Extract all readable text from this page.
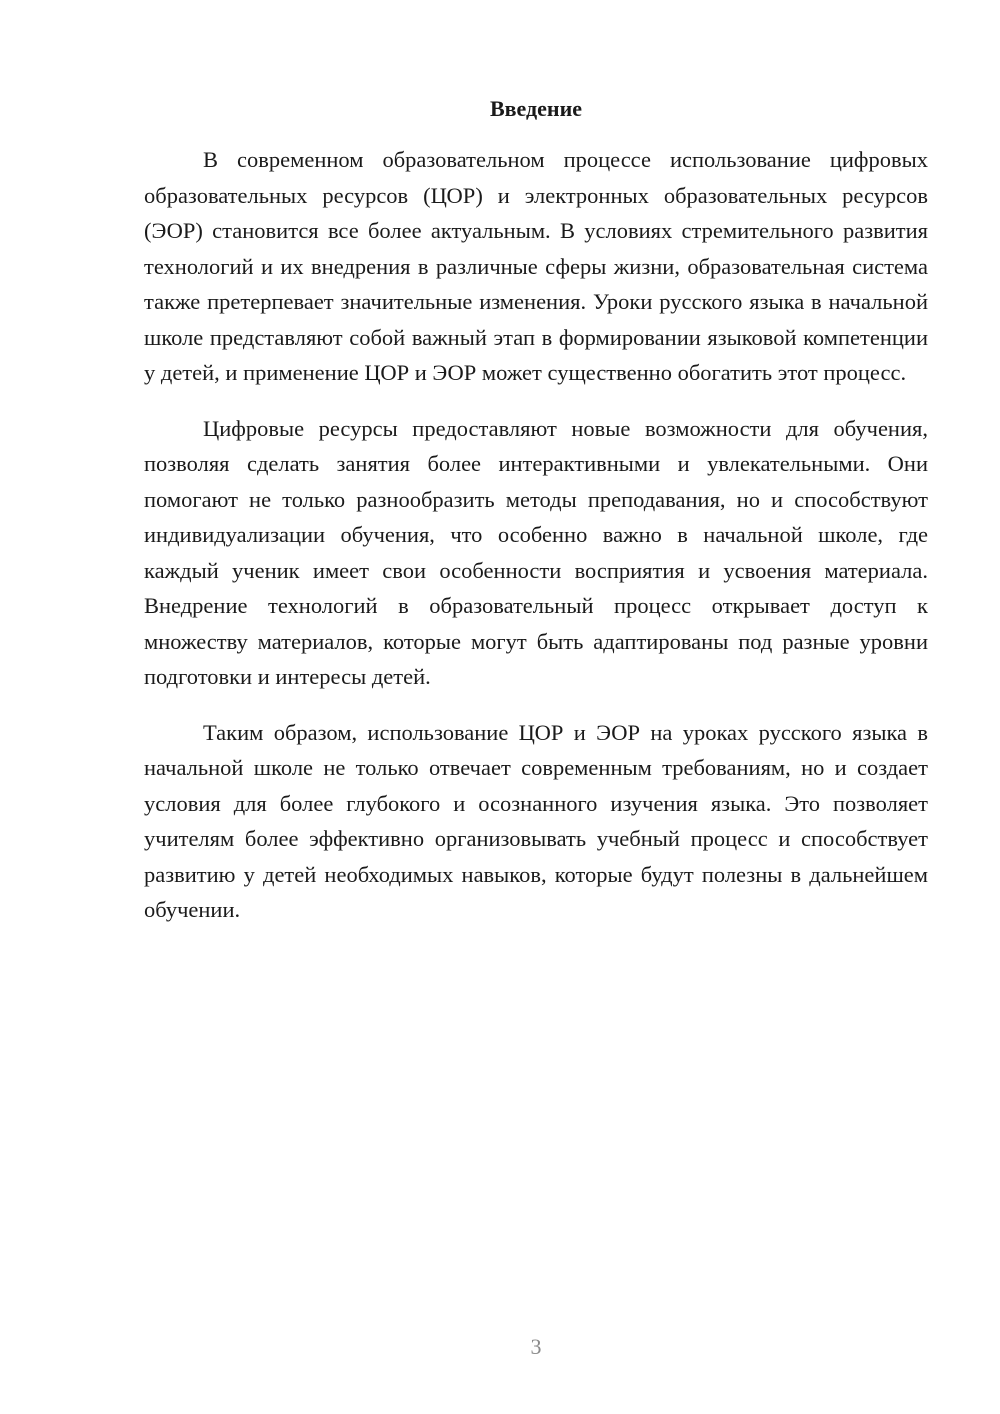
Введение

В современном образовательном процессе использование цифровых образовательных ресурсов (ЦОР) и электронных образовательных ресурсов (ЭОР) становится все более актуальным. В условиях стремительного развития технологий и их внедрения в различные сферы жизни, образовательная система также претерпевает значительные изменения. Уроки русского языка в начальной школе представляют собой важный этап в формировании языковой компетенции у детей, и применение ЦОР и ЭОР может существенно обогатить этот процесс.

Цифровые ресурсы предоставляют новые возможности для обучения, позволяя сделать занятия более интерактивными и увлекательными. Они помогают не только разнообразить методы преподавания, но и способствуют индивидуализации обучения, что особенно важно в начальной школе, где каждый ученик имеет свои особенности восприятия и усвоения материала. Внедрение технологий в образовательный процесс открывает доступ к множеству материалов, которые могут быть адаптированы под разные уровни подготовки и интересы детей.

Таким образом, использование ЦОР и ЭОР на уроках русского языка в начальной школе не только отвечает современным требованиям, но и создает условия для более глубокого и осознанного изучения языка. Это позволяет учителям более эффективно организовывать учебный процесс и способствует развитию у детей необходимых навыков, которые будут полезны в дальнейшем обучении.

3
